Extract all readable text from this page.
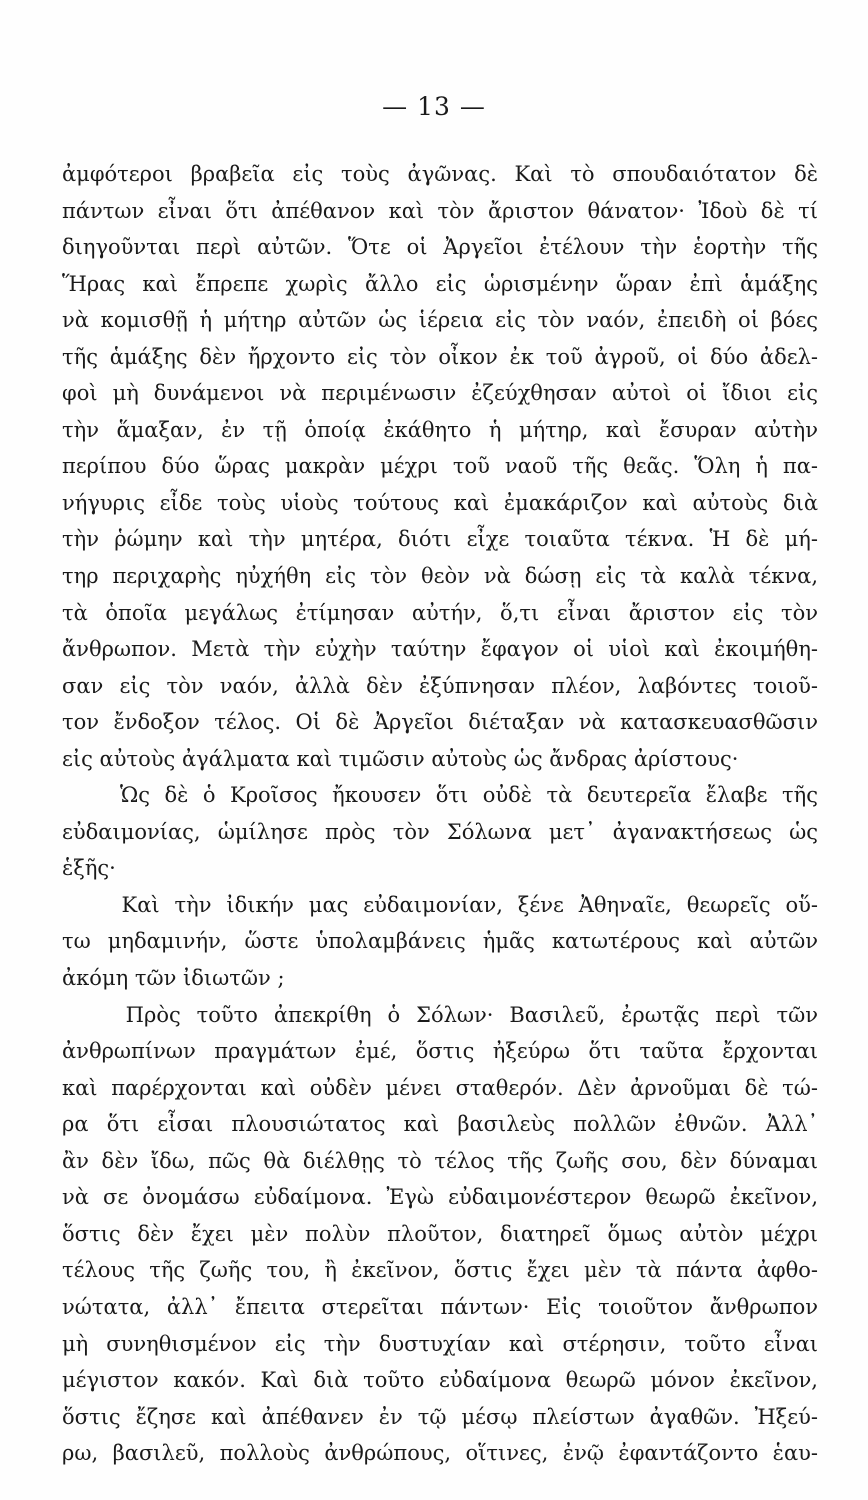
— 13 —
ἀμφότεροι βραβεῖα εἰς τοὺς ἀγῶνας. Καὶ τὸ σπουδαιότατον δὲ
πάντων εἶναι ὅτι ἀπέθανον καὶ τὸν ἄριστον θάνατον· Ἰδοὺ δὲ τί
διηγοῦνται περὶ αὐτῶν. Ὅτε οἱ Ἀργεῖοι ἐτέλουν τὴν ἑορτὴν τῆς
Ἥρας καὶ ἔπρεπε χωρὶς ἄλλο εἰς ὡρισμένην ὥραν ἐπὶ ἁμάξης
νὰ κομισθῇ ἡ μήτηρ αὐτῶν ὡς ἱέρεια εἰς τὸν ναόν, ἐπειδὴ οἱ βόες
τῆς ἁμάξης δὲν ἤρχοντο εἰς τὸν οἶκον ἐκ τοῦ ἀγροῦ, οἱ δύο ἀδελ-
φοὶ μὴ δυνάμενοι νὰ περιμένωσιν ἐζεύχθησαν αὐτοὶ οἱ ἴδιοι εἰς
τὴν ἅμαξαν, ἐν τῇ ὁποίᾳ ἐκάθητο ἡ μήτηρ, καὶ ἔσυραν αὐτὴν
περίπου δύο ὥρας μακρὰν μέχρι τοῦ ναοῦ τῆς θεᾶς. Ὅλη ἡ πα-
νήγυρις εἶδε τοὺς υἱοὺς τούτους καὶ ἐμακάριζον καὶ αὐτοὺς διὰ
τὴν ῥώμην καὶ τὴν μητέρα, διότι εἶχε τοιαῦτα τέκνα. Ἡ δὲ μή-
τηρ περιχαρὴς ηὐχήθη εἰς τὸν θεὸν νὰ δώσῃ εἰς τὰ καλὰ τέκνα,
τὰ ὁποῖα μεγάλως ἐτίμησαν αὐτήν, ὅ,τι εἶναι ἄριστον εἰς τὸν
ἄνθρωπον. Μετὰ τὴν εὐχὴν ταύτην ἔφαγον οἱ υἱοὶ καὶ ἐκοιμήθη-
σαν εἰς τὸν ναόν, ἀλλὰ δὲν ἐξύπνησαν πλέον, λαβόντες τοιοῦ-
τον ἔνδοξον τέλος. Οἱ δὲ Ἀργεῖοι διέταξαν νὰ κατασκευασθῶσιν
εἰς αὐτοὺς ἀγάλματα καὶ τιμῶσιν αὐτοὺς ὡς ἄνδρας ἀρίστους·
Ὡς δὲ ὁ Κροῖσος ἤκουσεν ὅτι οὐδὲ τὰ δευτερεῖα ἔλαβε τῆς
εὐδαιμονίας, ὡμίλησε πρὸς τὸν Σόλωνα μετ᾽ ἀγανακτήσεως ὡς
ἑξῆς·
Καὶ τὴν ἰδικήν μας εὐδαιμονίαν, ξένε Ἀθηναῖε, θεωρεῖς οὕ-
τω μηδαμινήν, ὥστε ὑπολαμβάνεις ἡμᾶς κατωτέρους καὶ αὐτῶν
ἀκόμη τῶν ἰδιωτῶν ;
Πρὸς τοῦτο ἀπεκρίθη ὁ Σόλων· Βασιλεῦ, ἐρωτᾷς περὶ τῶν
ἀνθρωπίνων πραγμάτων ἐμέ, ὅστις ἠξεύρω ὅτι ταῦτα ἔρχονται
καὶ παρέρχονται καὶ οὐδὲν μένει σταθερόν. Δὲν ἀρνοῦμαι δὲ τώ-
ρα ὅτι εἶσαι πλουσιώτατος καὶ βασιλεὺς πολλῶν ἐθνῶν. Ἀλλ᾽
ἂν δὲν ἴδω, πῶς θὰ διέλθῃς τὸ τέλος τῆς ζωῆς σου, δὲν δύναμαι
νὰ σε ὀνομάσω εὐδαίμονα. Ἐγὼ εὐδαιμονέστερον θεωρῶ ἐκεῖνον,
ὅστις δὲν ἔχει μὲν πολὺν πλοῦτον, διατηρεῖ ὅμως αὐτὸν μέχρι
τέλους τῆς ζωῆς του, ἢ ἐκεῖνον, ὅστις ἔχει μὲν τὰ πάντα ἀφθο-
νώτατα, ἀλλ᾽ ἔπειτα στερεῖται πάντων· Εἰς τοιοῦτον ἄνθρωπον
μὴ συνηθισμένον εἰς τὴν δυστυχίαν καὶ στέρησιν, τοῦτο εἶναι
μέγιστον κακόν. Καὶ διὰ τοῦτο εὐδαίμονα θεωρῶ μόνον ἐκεῖνον,
ὅστις ἔζησε καὶ ἀπέθανεν ἐν τῷ μέσῳ πλείστων ἀγαθῶν. Ἠξεύ-
ρω, βασιλεῦ, πολλοὺς ἀνθρώπους, οἵτινες, ἐνῷ ἐφαντάζοντο ἑαυ-
